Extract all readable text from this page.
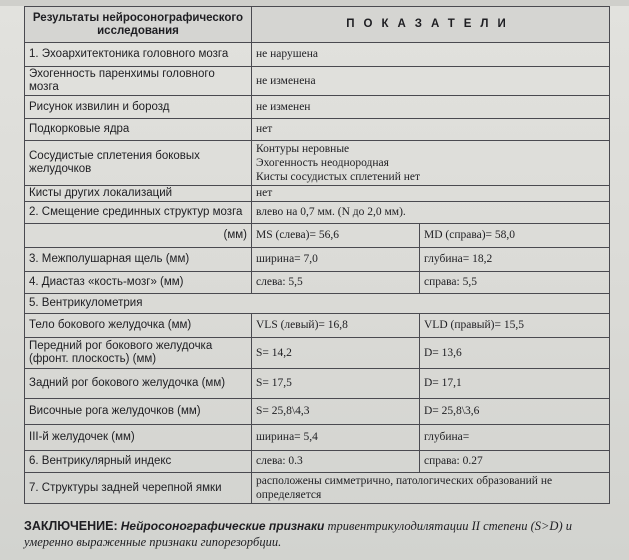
Результаты нейросонографического исследования	ПОКАЗАТЕЛИ	
1. Эхоархитектоника головного мозга	не нарушена	
Эхогенность паренхимы головного мозга	не изменена	
Рисунок извилин и борозд	не изменен	
Подкорковые ядра	нет	
Сосудистые сплетения боковых желудочков	Контуры неровные
Эхогенность неоднородная
Кисты сосудистых сплетений нет	

Кисты других локализаций	нет	
2. Смещение срединных структур мозга	влево на 0,7 мм. (N до 2,0 мм).	
(мм)	MS (слева)= 56,6	MD (справа)= 58,0
3. Межполушарная щель (мм)	ширина= 7,0	глубина= 18,2
4. Диастаз «кость-мозг» (мм)	слева: 5,5	справа: 5,5
5. Вентрикулометрия		
Тело бокового желудочка (мм)	VLS (левый)= 16,8	VLD (правый)= 15,5
Передний рог бокового желудочка (фронт. плоскость) (мм)	S= 14,2	D= 13,6
Задний рог бокового желудочка (мм)	S= 17,5	D= 17,1
Височные рога желудочков (мм)	S= 25,8\4,3	D= 25,8\3,6
III-й желудочек (мм)	ширина= 5,4	глубина=
6. Вентрикулярный индекс	слева: 0.3	справа: 0.27
7. Структуры задней черепной ямки	расположены симметрично, патологических образований не определяется	
ЗАКЛЮЧЕНИЕ: Нейросонографические признаки тривентрикулодилятации II степени (S>D) и умеренно выраженные признаки гипорезорбции.
